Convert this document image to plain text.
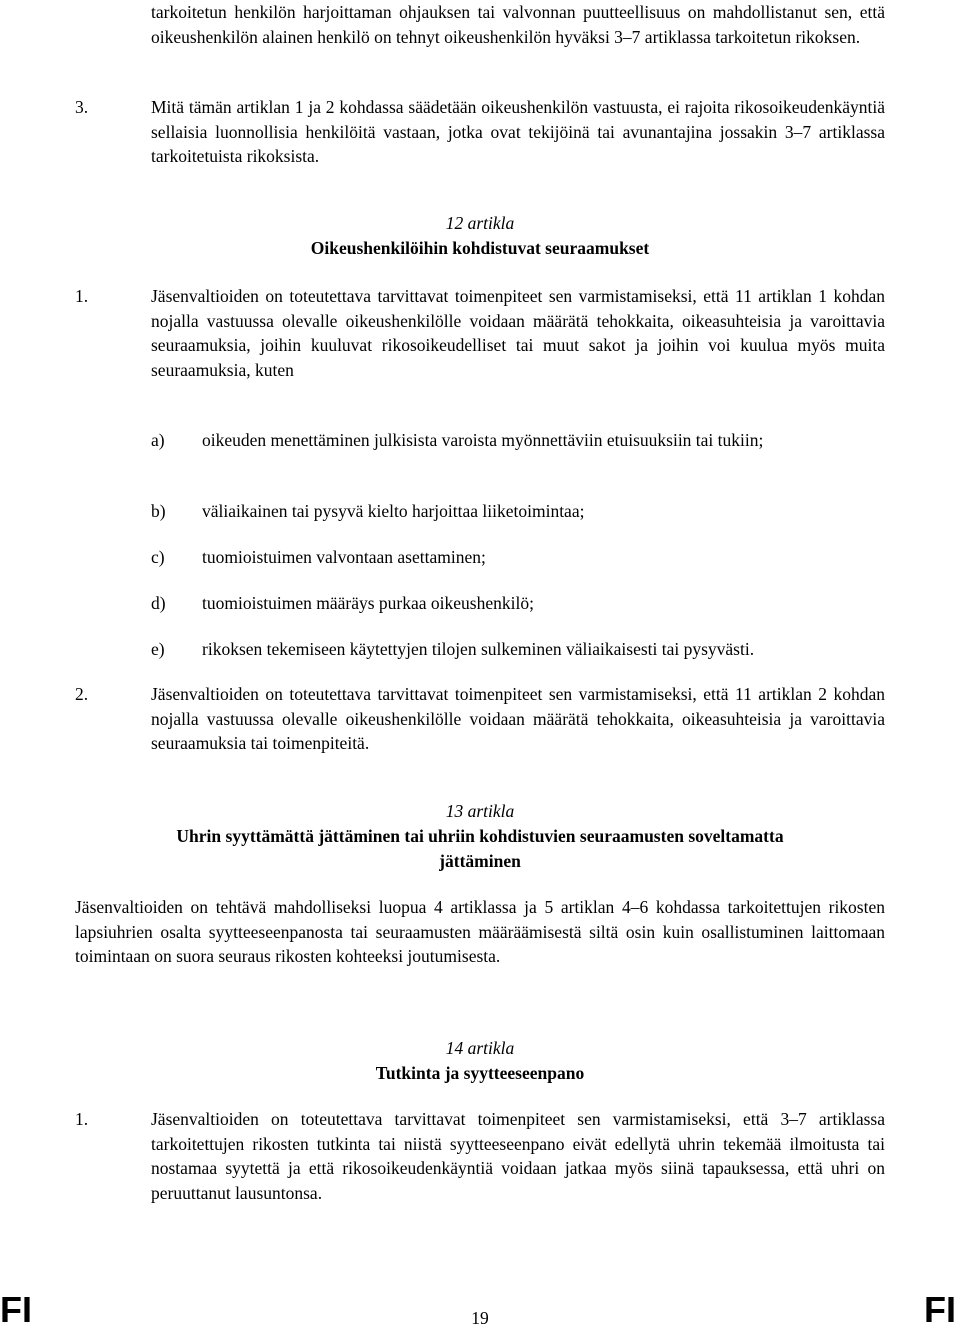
tarkoitetun henkilön harjoittaman ohjauksen tai valvonnan puutteellisuus on mahdollistanut sen, että oikeushenkilön alainen henkilö on tehnyt oikeushenkilön hyväksi 3–7 artiklassa tarkoitetun rikoksen.

3.	Mitä tämän artiklan 1 ja 2 kohdassa säädetään oikeushenkilön vastuusta, ei rajoita rikosoikeudenkäyntiä sellaisia luonnollisia henkilöitä vastaan, jotka ovat tekijöinä tai avunantajina jossakin 3–7 artiklassa tarkoitetuista rikoksista.

12 artikla
Oikeushenkilöihin kohdistuvat seuraamukset
1.	Jäsenvaltioiden on toteutettava tarvittavat toimenpiteet sen varmistamiseksi, että 11 artiklan 1 kohdan nojalla vastuussa olevalle oikeushenkilölle voidaan määrätä tehokkaita, oikeasuhteisia ja varoittavia seuraamuksia, joihin kuuluvat rikosoikeudelliset tai muut sakot ja joihin voi kuulua myös muita seuraamuksia, kuten

a) oikeuden menettäminen julkisista varoista myönnettäviin etuisuuksiin tai tukiin;
b) väliaikainen tai pysyvä kielto harjoittaa liiketoimintaa;
c) tuomioistuimen valvontaan asettaminen;
d) tuomioistuimen määräys purkaa oikeushenkilö;
e) rikoksen tekemiseen käytettyjen tilojen sulkeminen väliaikaisesti tai pysyvästi.
2.	Jäsenvaltioiden on toteutettava tarvittavat toimenpiteet sen varmistamiseksi, että 11 artiklan 2 kohdan nojalla vastuussa olevalle oikeushenkilölle voidaan määrätä tehokkaita, oikeasuhteisia ja varoittavia seuraamuksia tai toimenpiteitä.

13 artikla
Uhrin syyttämättä jättäminen tai uhriin kohdistuvien seuraamusten soveltamatta
jättäminen

Jäsenvaltioiden on tehtävä mahdolliseksi luopua 4 artiklassa ja 5 artiklan 4–6 kohdassa tarkoitettujen rikosten lapsiuhrien osalta syytteeseenpanosta tai seuraamusten määräämisestä siltä osin kuin osallistuminen laittomaan toimintaan on suora seuraus rikosten kohteeksi joutumisesta.

14 artikla
Tutkinta ja syytteeseenpano
1.	Jäsenvaltioiden on toteutettava tarvittavat toimenpiteet sen varmistamiseksi, että 3–7 artiklassa tarkoitettujen rikosten tutkinta tai niistä syytteeseenpano eivät edellytä uhrin tekemää ilmoitusta tai nostamaa syytettä ja että rikosoikeudenkäyntiä voidaan jatkaa myös siinä tapauksessa, että uhri on peruuttanut lausuntonsa.

FI	19	FI
